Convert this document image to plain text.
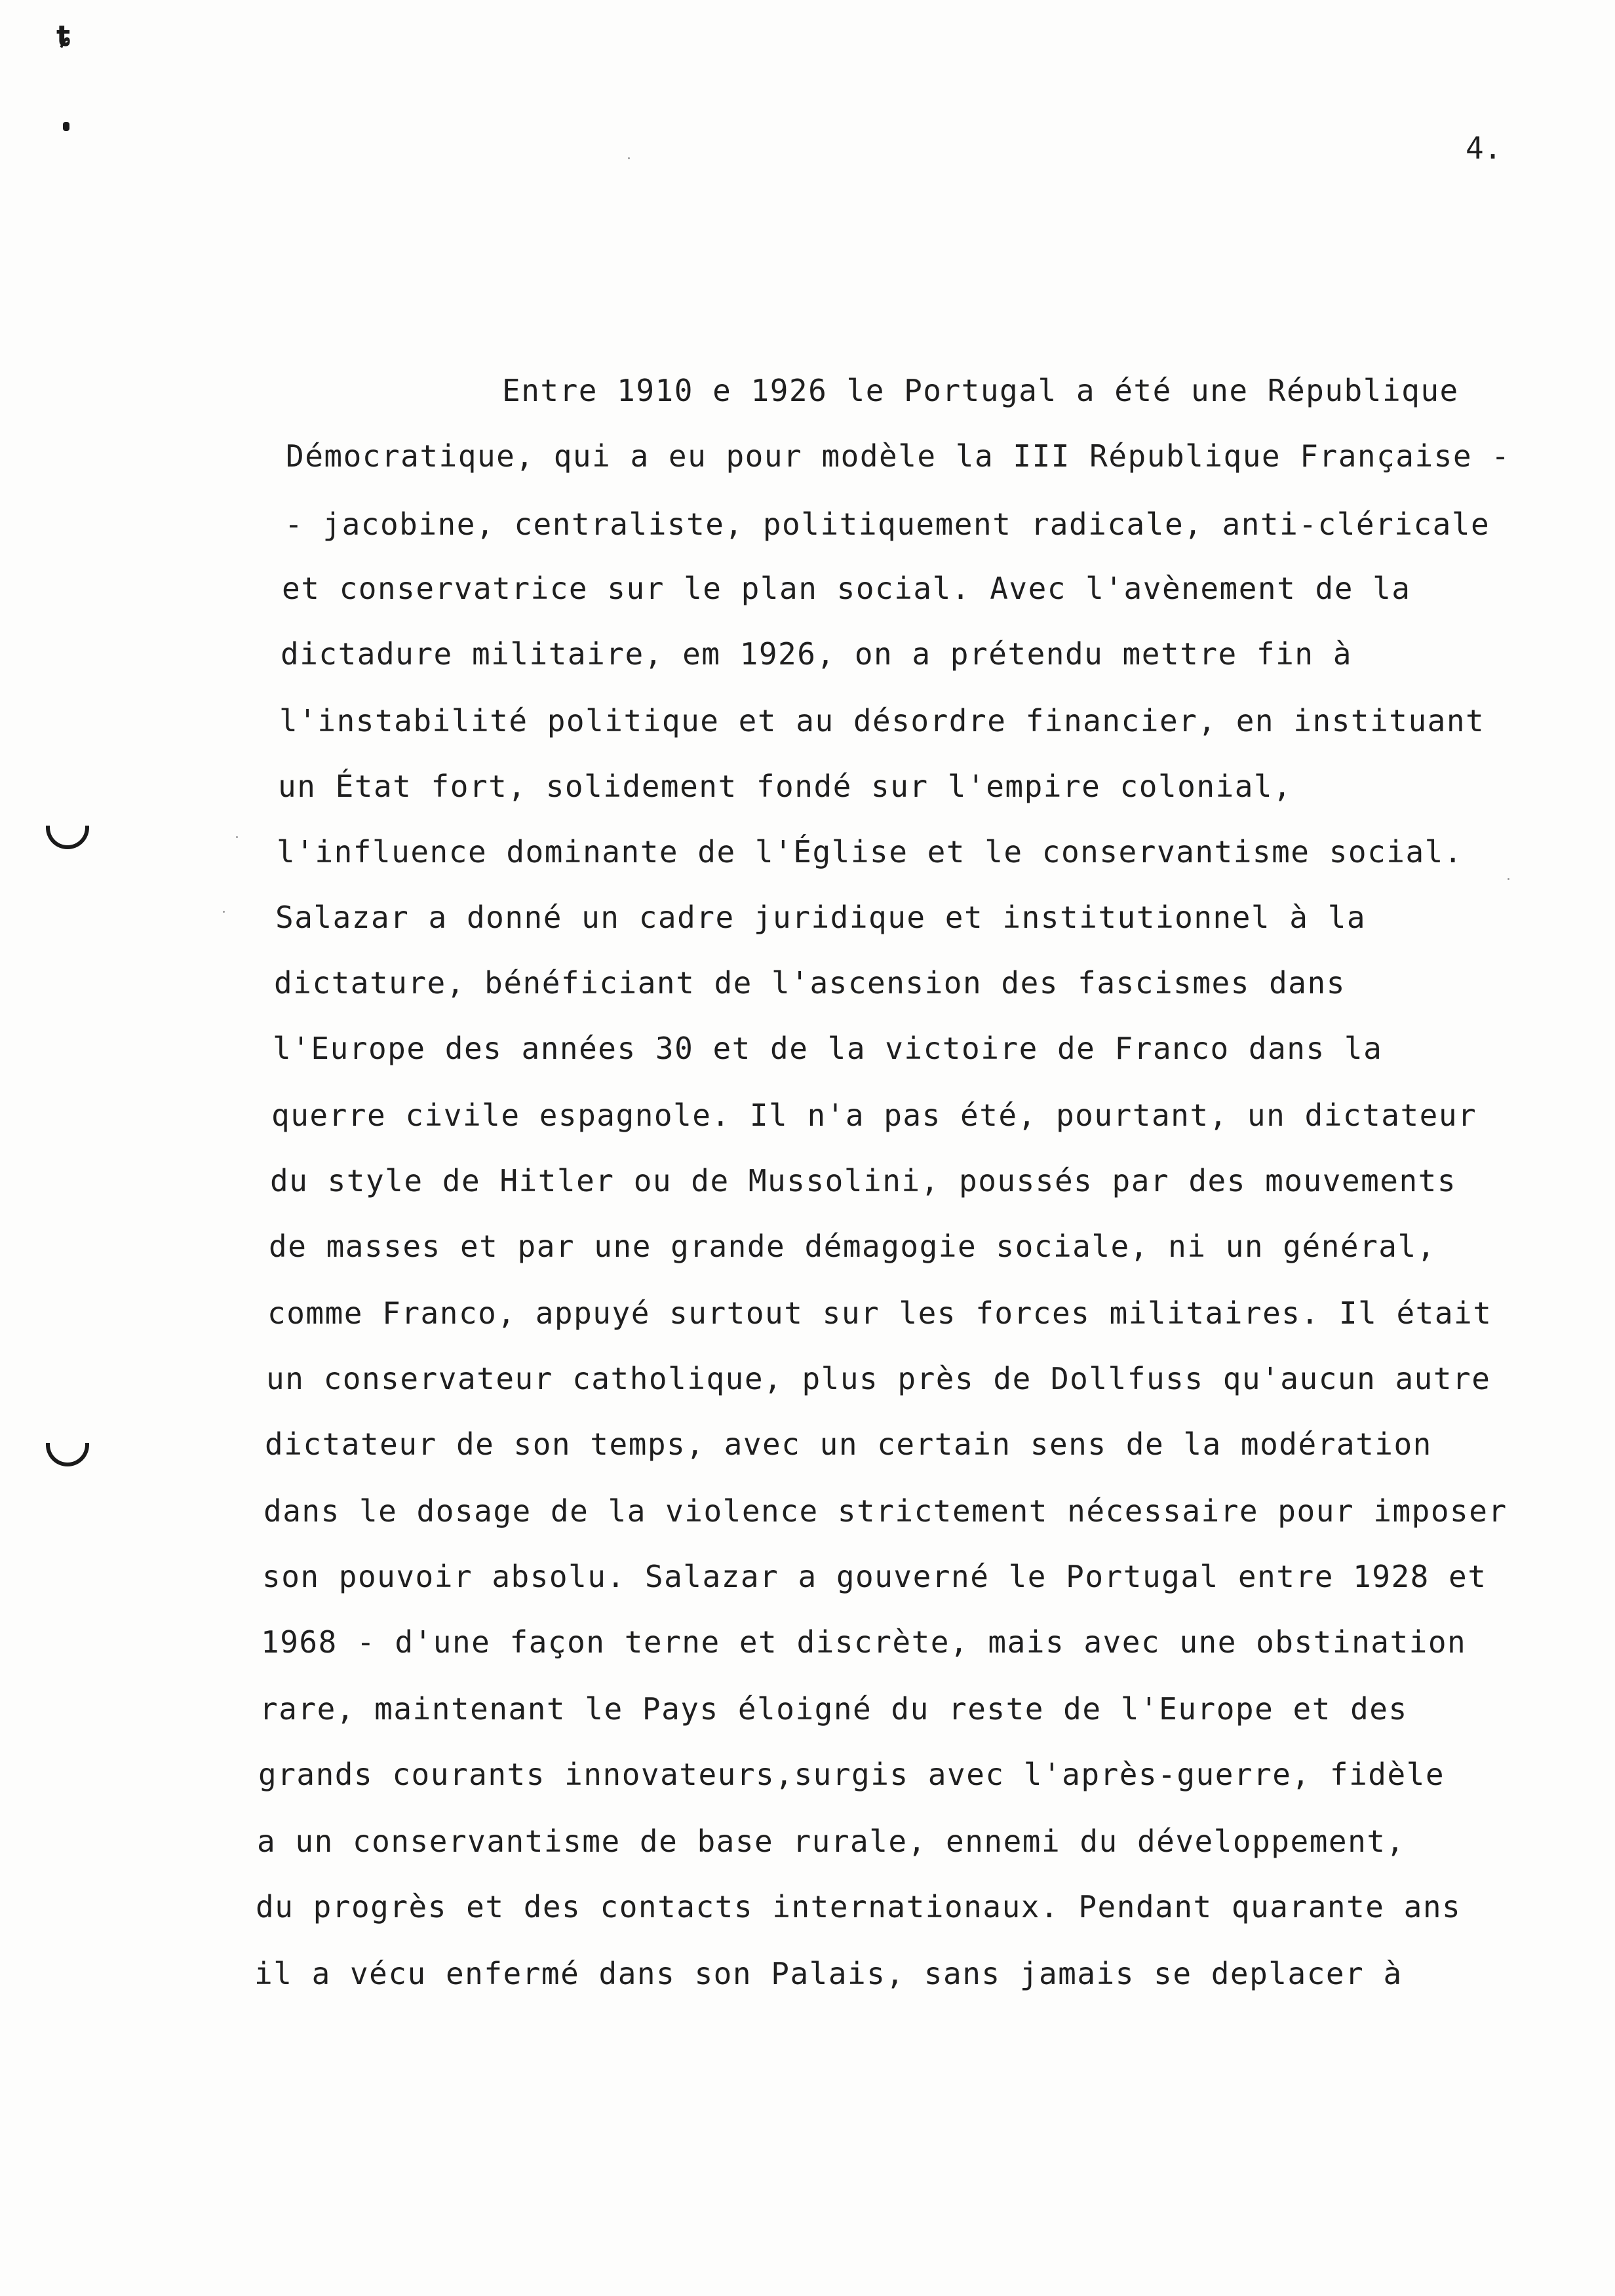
ȶ
4.
Entre 1910 e 1926 le Portugal a été une République
Démocratique, qui a eu pour modèle la III République Française -
- jacobine, centraliste, politiquement radicale, anti-cléricale
et conservatrice sur le plan social. Avec l'avènement de la
dictadure militaire, em 1926, on a prétendu mettre fin à
l'instabilité politique et au désordre financier, en instituant
un État fort, solidement fondé sur l'empire colonial,
l'influence dominante de l'Église et le conservantisme social.
Salazar a donné un cadre juridique et institutionnel à la
dictature, bénéficiant de l'ascension des fascismes dans
l'Europe des années 30 et de la victoire de Franco dans la
querre civile espagnole. Il n'a pas été, pourtant, un dictateur
du style de Hitler ou de Mussolini, poussés par des mouvements
de masses et par une grande démagogie sociale, ni un général,
comme Franco, appuyé surtout sur les forces militaires. Il était
un conservateur catholique, plus près de Dollfuss qu'aucun autre
dictateur de son temps, avec un certain sens de la modération
dans le dosage de la violence strictement nécessaire pour imposer
son pouvoir absolu. Salazar a gouverné le Portugal entre 1928 et
1968 - d'une façon terne et discrète, mais avec une obstination
rare, maintenant le Pays éloigné du reste de l'Europe et des
grands courants innovateurs,surgis avec l'après-guerre, fidèle
a un conservantisme de base rurale, ennemi du développement,
du progrès et des contacts internationaux. Pendant quarante ans
il a vécu enfermé dans son Palais, sans jamais se deplacer à
